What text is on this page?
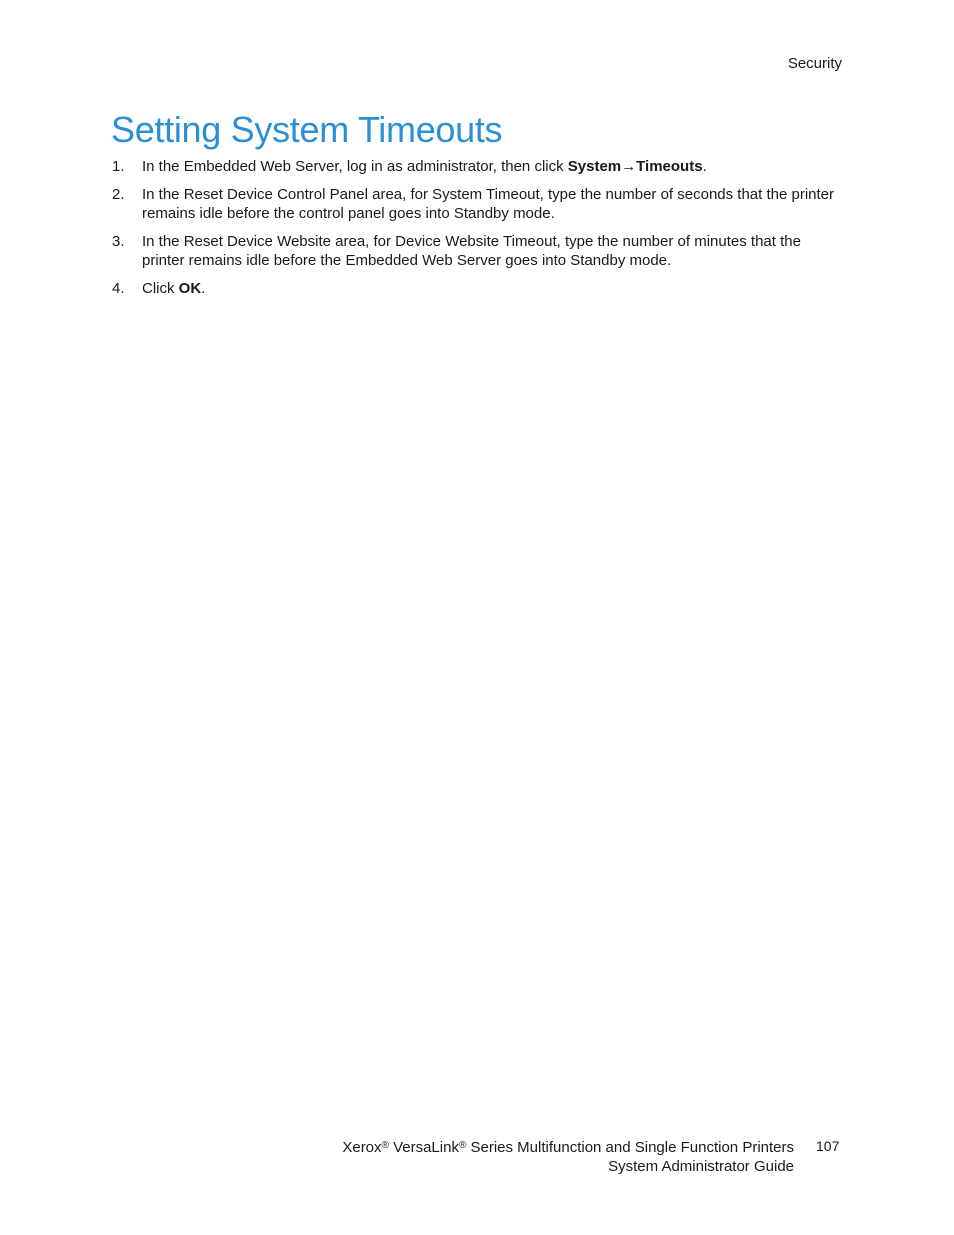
Security
Setting System Timeouts
1.	In the Embedded Web Server, log in as administrator, then click System→Timeouts.
2.	In the Reset Device Control Panel area, for System Timeout, type the number of seconds that the printer remains idle before the control panel goes into Standby mode.
3.	In the Reset Device Website area, for Device Website Timeout, type the number of minutes that the printer remains idle before the Embedded Web Server goes into Standby mode.
4.	Click OK.
Xerox® VersaLink® Series Multifunction and Single Function Printers
System Administrator Guide
107
